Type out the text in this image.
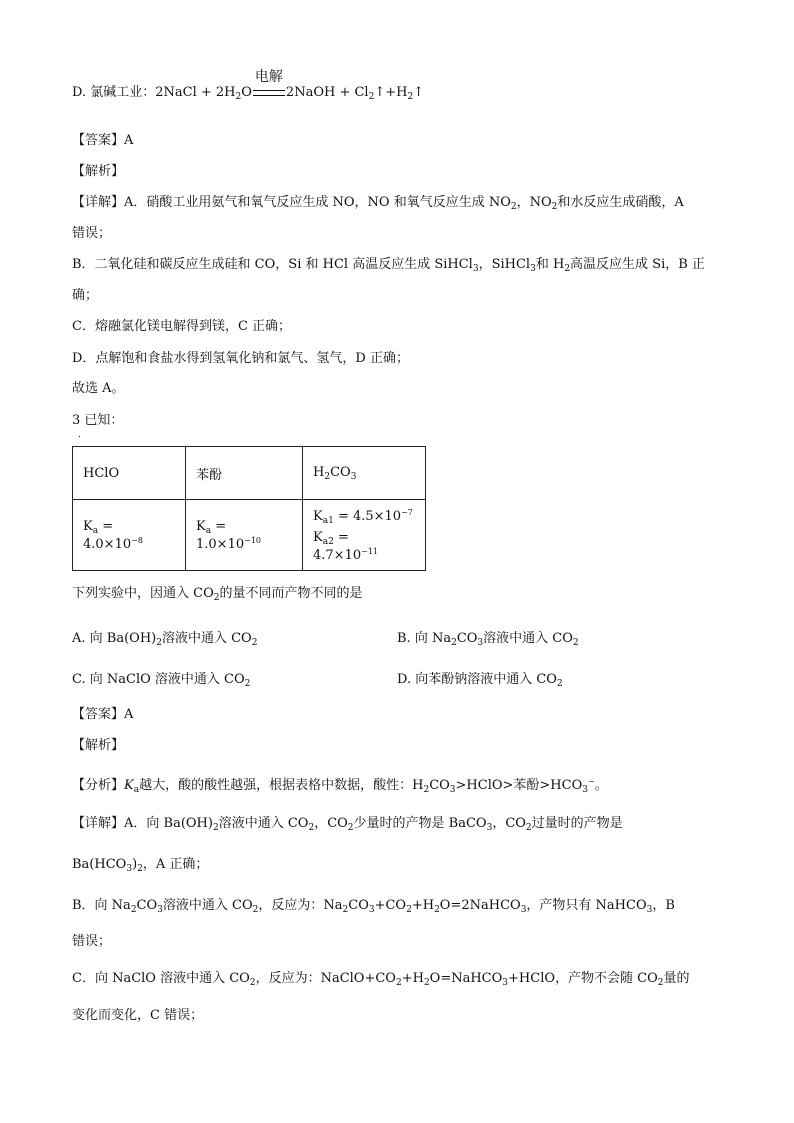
D. 氯碱工业：2NaCl + $2H_2O$
电解
2NaOH + $Cl_2↑+H_2↑$
【答案】A
【解析】
【详解】A．硝酸工业用氨气和氧气反应生成 NO，NO 和氧气反应生成 $NO_2$，$NO_2$和水反应生成硝酸，A
错误；
B．二氧化硅和碳反应生成硅和 CO，Si 和 HCl 高温反应生成 SiHCl$_3$，SiHCl$_3$和 $H_2$高温反应生成 Si，B 正
确；
C．熔融氯化镁电解得到镁，C 正确；
D．点解饱和食盐水得到氢氧化钠和氯气、氢气，D 正确；
故选 A。
3 已知：
.
HClO	苯酚	$H_2CO_3$
$K_a = 4.0\times 10^{-8}$	$K_a = 1.0\times 10^{-10}$	$K_{a1} = 4.5\times 10^{-7}$
$K_{a2} = 4.7\times 10^{-11}$
下列实验中，因通入 $CO_2$的量不同而产物不同的是
A. 向 $Ba(OH)_2$溶液中通入 $CO_2$	B. 向 $Na_2CO_3$溶液中通入 $CO_2$
C. 向 NaClO 溶液中通入 $CO_2$	D. 向苯酚钠溶液中通入 $CO_2$
【答案】A
【解析】
【分析】$K_a$越大，酸的酸性越强，根据表格中数据，酸性：$H_2CO_3>HClO>$苯酚$>HCO_3^-$。
【详解】A．向 $Ba(OH)_2$溶液中通入 $CO_2$，$CO_2$少量时的产物是 BaCO$_3$，$CO_2$过量时的产物是
$Ba(HCO_3)_2$，A 正确；
B．向 $Na_2CO_3$溶液中通入 $CO_2$，反应为：$Na_2CO_3+CO_2+H_2O=2NaHCO_3$，产物只有 NaHCO$_3$，B
错误；
C．向 NaClO 溶液中通入 $CO_2$，反应为：$NaClO+CO_2+H_2O=NaHCO_3+HClO$，产物不会随 $CO_2$量的
变化而变化，C 错误；
